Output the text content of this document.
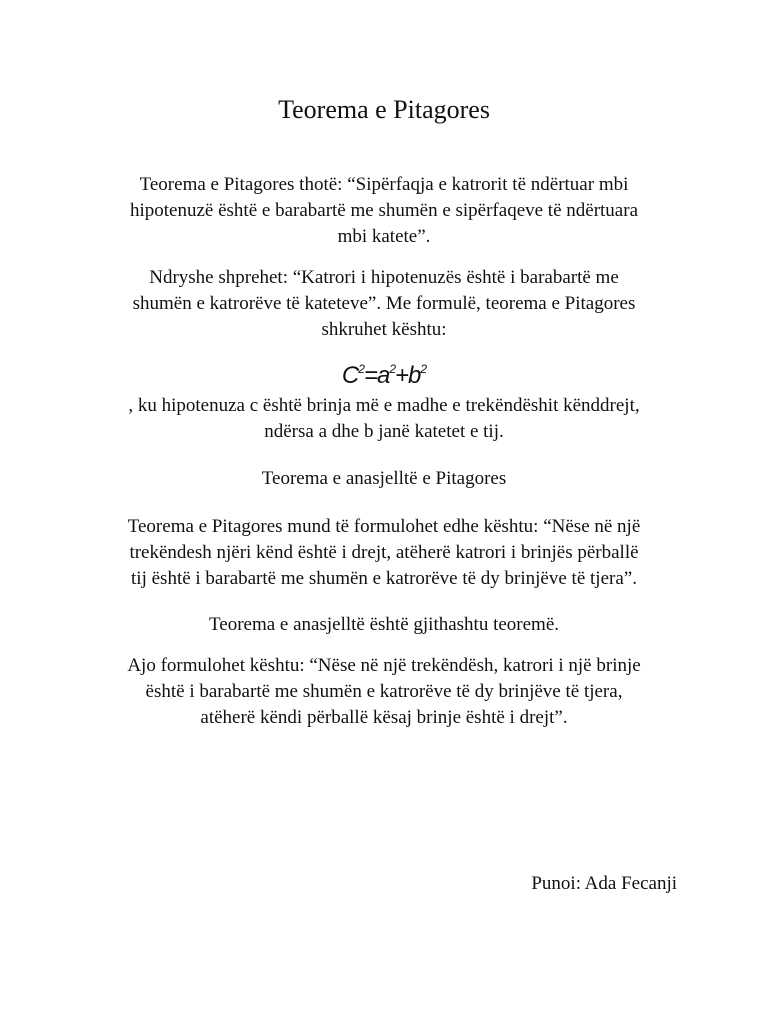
Teorema e Pitagores
Teorema e Pitagores thotë: “Sipërfaqja e katrorit të ndërtuar mbi
hipotenuzë është e barabartë me shumën e sipërfaqeve të ndërtuara
mbi katete”.
Ndryshe shprehet: “Katrori i hipotenuzës është i barabartë me
shumën e katrorëve të kateteve”. Me formulë, teorema e Pitagores
shkruhet kështu:
$C^2=a^2+b^2$
, ku hipotenuza c është brinja më e madhe e trekëndëshit kënddrejt,
ndërsa a dhe b janë katetet e tij.
Teorema e anasjelltë e Pitagores
Teorema e Pitagores mund të formulohet edhe kështu: “Nëse në një
trekëndesh njëri kënd është i drejt, atëherë katrori i brinjës përballë
tij është i barabartë me shumën e katrorëve të dy brinjëve të tjera”.
Teorema e anasjelltë është gjithashtu teoremë.
Ajo formulohet kështu: “Nëse në një trekëndësh, katrori i një brinje
është i barabartë me shumën e katrorëve të dy brinjëve të tjera,
atëherë këndi përballë kësaj brinje është i drejt”.
Punoi: Ada Fecanji
